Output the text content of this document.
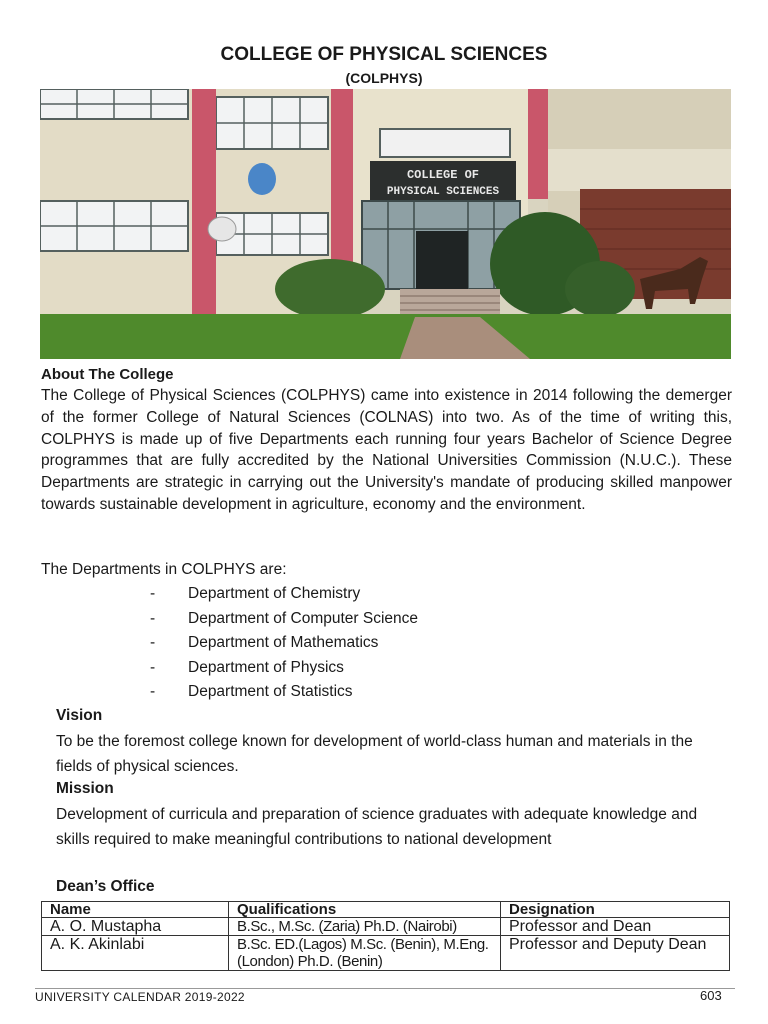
COLLEGE OF PHYSICAL SCIENCES
(COLPHYS)
COLLEGE OF
PHYSICAL SCIENCES
About The College
The College of Physical Sciences (COLPHYS) came into existence in 2014 following the demerger of the former College of Natural Sciences (COLNAS) into two. As of the time of writing this, COLPHYS is made up of five Departments each running four years Bachelor of Science Degree programmes that are fully accredited by the National Universities Commission (N.U.C.). These Departments are strategic in carrying out the University's mandate of producing skilled manpower towards sustainable development in agriculture, economy and the environment.
The Departments in COLPHYS are:
-	Department of Chemistry
-	Department of Computer Science
-	Department of Mathematics
-	Department of Physics
-	Department of Statistics
Vision
To be the foremost college known for development of world-class human and materials in the fields of physical sciences.
Mission
Development of curricula and preparation of science graduates with adequate knowledge and skills required to make meaningful contributions to national development
Dean’s Office
Name	Qualifications	Designation
A. O. Mustapha	B.Sc., M.Sc. (Zaria) Ph.D. (Nairobi)	Professor and Dean
A. K. Akinlabi	B.Sc. ED.(Lagos) M.Sc. (Benin), M.Eng. (London) Ph.D. (Benin)	Professor and Deputy Dean
UNIVERSITY CALENDAR 2019-2022	603
